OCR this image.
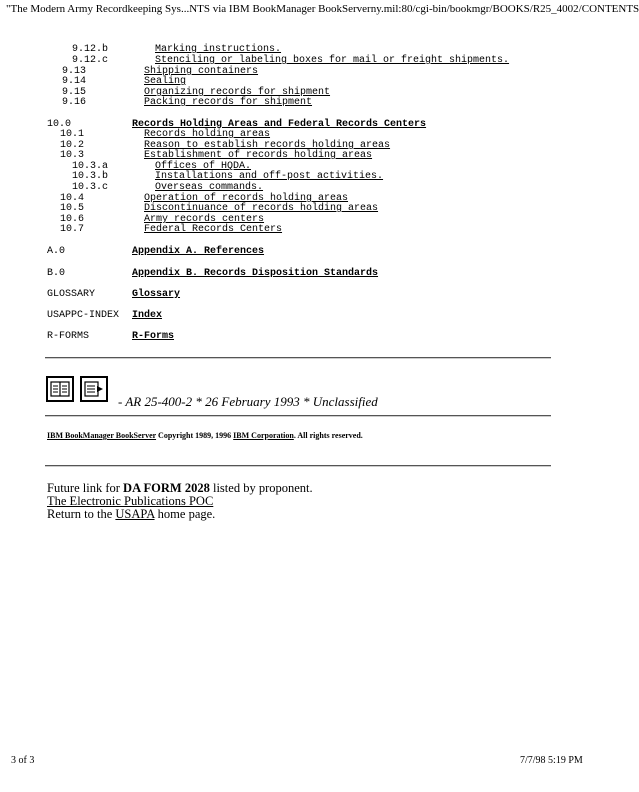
"The Modern Army Recordkeeping Sys...NTS via IBM BookManager BookServerny.mil:80/cgi-bin/bookmgr/BOOKS/R25_4002/CONTENTS
9.12.b	Marking instructions.
9.12.c	Stenciling or labeling boxes for mail or freight shipments.
9.13	Shipping containers
9.14	Sealing
9.15	Organizing records for shipment
9.16	Packing records for shipment
10.0	Records Holding Areas and Federal Records Centers
10.1	Records holding areas
10.2	Reason to establish records holding areas
10.3	Establishment of records holding areas
10.3.a	Offices of HQDA.
10.3.b	Installations and off-post activities.
10.3.c	Overseas commands.
10.4	Operation of records holding areas
10.5	Discontinuance of records holding areas
10.6	Army records centers
10.7	Federal Records Centers
A.0	Appendix A. References
B.0	Appendix B. Records Disposition Standards
GLOSSARY	Glossary
USAPPC-INDEX Index
R-FORMS	R-Forms
- AR 25-400-2 * 26 February 1993 * Unclassified
IBM BookManager BookServer Copyright 1989, 1996 IBM Corporation. All rights reserved.
Future link for DA FORM 2028 listed by proponent.
The Electronic Publications POC
Return to the USAPA home page.
3 of 3	7/7/98 5:19 PM
